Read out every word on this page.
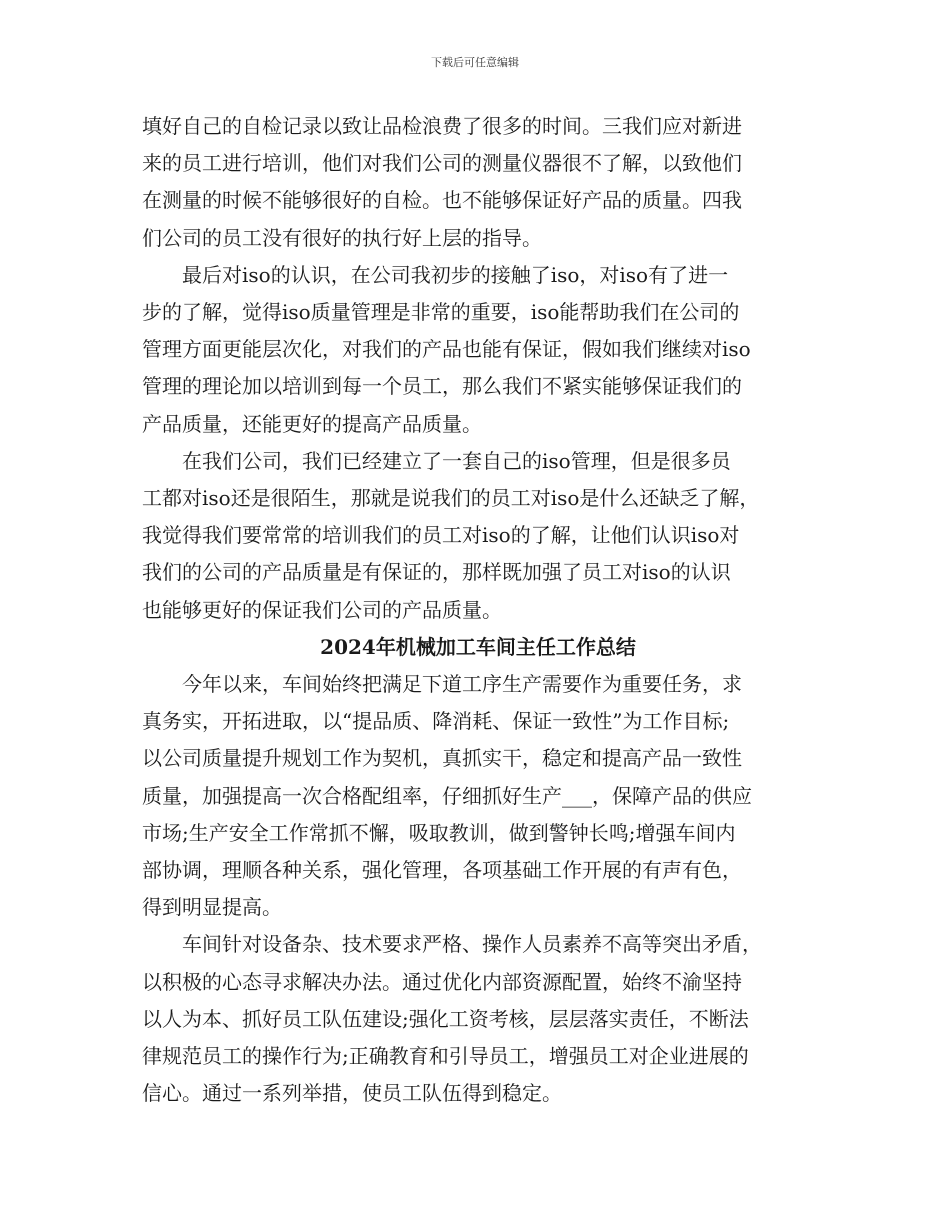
下载后可任意编辑
填好自己的自检记录以致让品检浪费了很多的时间。三我们应对新进
来的员工进行培训，他们对我们公司的测量仪器很不了解，以致他们
在测量的时候不能够很好的自检。也不能够保证好产品的质量。四我
们公司的员工没有很好的执行好上层的指导。
最后对iso的认识，在公司我初步的接触了iso，对iso有了进一
步的了解，觉得iso质量管理是非常的重要，iso能帮助我们在公司的
管理方面更能层次化，对我们的产品也能有保证，假如我们继续对iso
管理的理论加以培训到每一个员工，那么我们不紧实能够保证我们的
产品质量，还能更好的提高产品质量。
在我们公司，我们已经建立了一套自己的iso管理，但是很多员
工都对iso还是很陌生，那就是说我们的员工对iso是什么还缺乏了解，
我觉得我们要常常的培训我们的员工对iso的了解，让他们认识iso对
我们的公司的产品质量是有保证的，那样既加强了员工对iso的认识
也能够更好的保证我们公司的产品质量。
2024年机械加工车间主任工作总结
今年以来，车间始终把满足下道工序生产需要作为重要任务，求
真务实，开拓进取，以“提品质、降消耗、保证一致性”为工作目标;
以公司质量提升规划工作为契机，真抓实干，稳定和提高产品一致性
质量，加强提高一次合格配组率，仔细抓好生产___，保障产品的供应
市场;生产安全工作常抓不懈，吸取教训，做到警钟长鸣;增强车间内
部协调，理顺各种关系，强化管理，各项基础工作开展的有声有色，
得到明显提高。
车间针对设备杂、技术要求严格、操作人员素养不高等突出矛盾，
以积极的心态寻求解决办法。通过优化内部资源配置，始终不渝坚持
以人为本、抓好员工队伍建设;强化工资考核，层层落实责任，不断法
律规范员工的操作行为;正确教育和引导员工，增强员工对企业进展的
信心。通过一系列举措，使员工队伍得到稳定。
